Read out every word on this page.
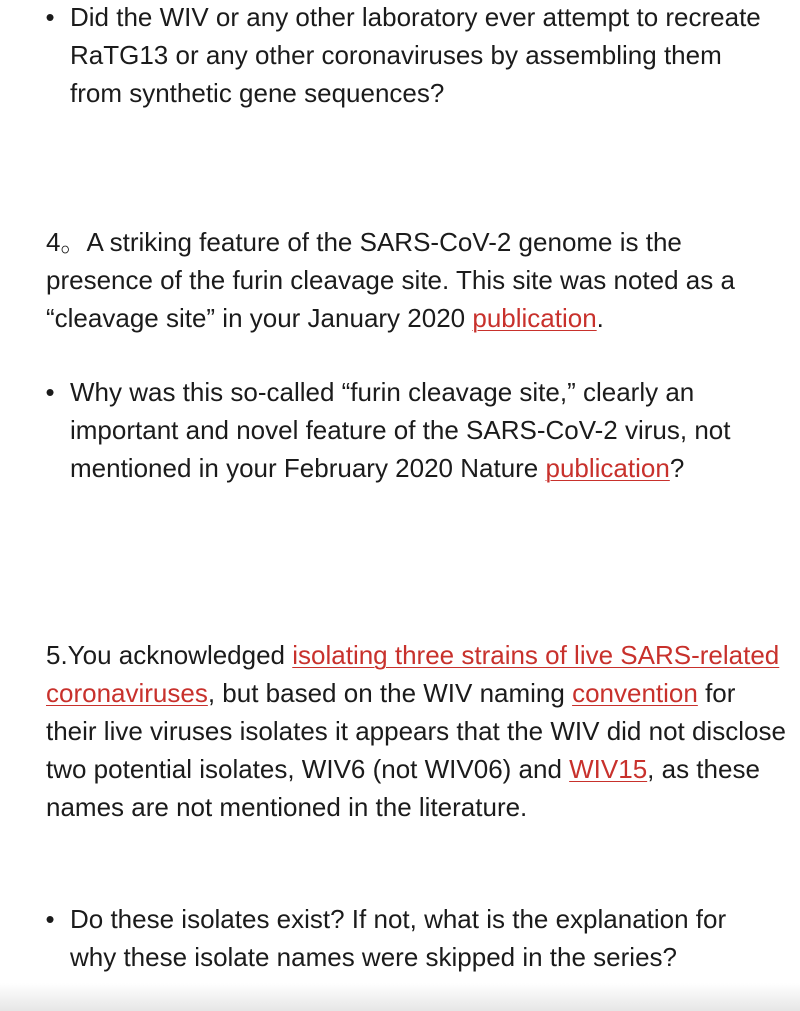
• Did the WIV or any other laboratory ever attempt to recreate RaTG13 or any other coronaviruses by assembling them from synthetic gene sequences?

4。A striking feature of the SARS-CoV-2 genome is the presence of the furin cleavage site. This site was noted as a “cleavage site” in your January 2020 publication.

• Why was this so-called “furin cleavage site,” clearly an important and novel feature of the SARS-CoV-2 virus, not mentioned in your February 2020 Nature publication?

5.You acknowledged isolating three strains of live SARS-related coronaviruses, but based on the WIV naming convention for their live viruses isolates it appears that the WIV did not disclose two potential isolates, WIV6 (not WIV06) and WIV15, as these names are not mentioned in the literature.

• Do these isolates exist? If not, what is the explanation for why these isolate names were skipped in the series?
